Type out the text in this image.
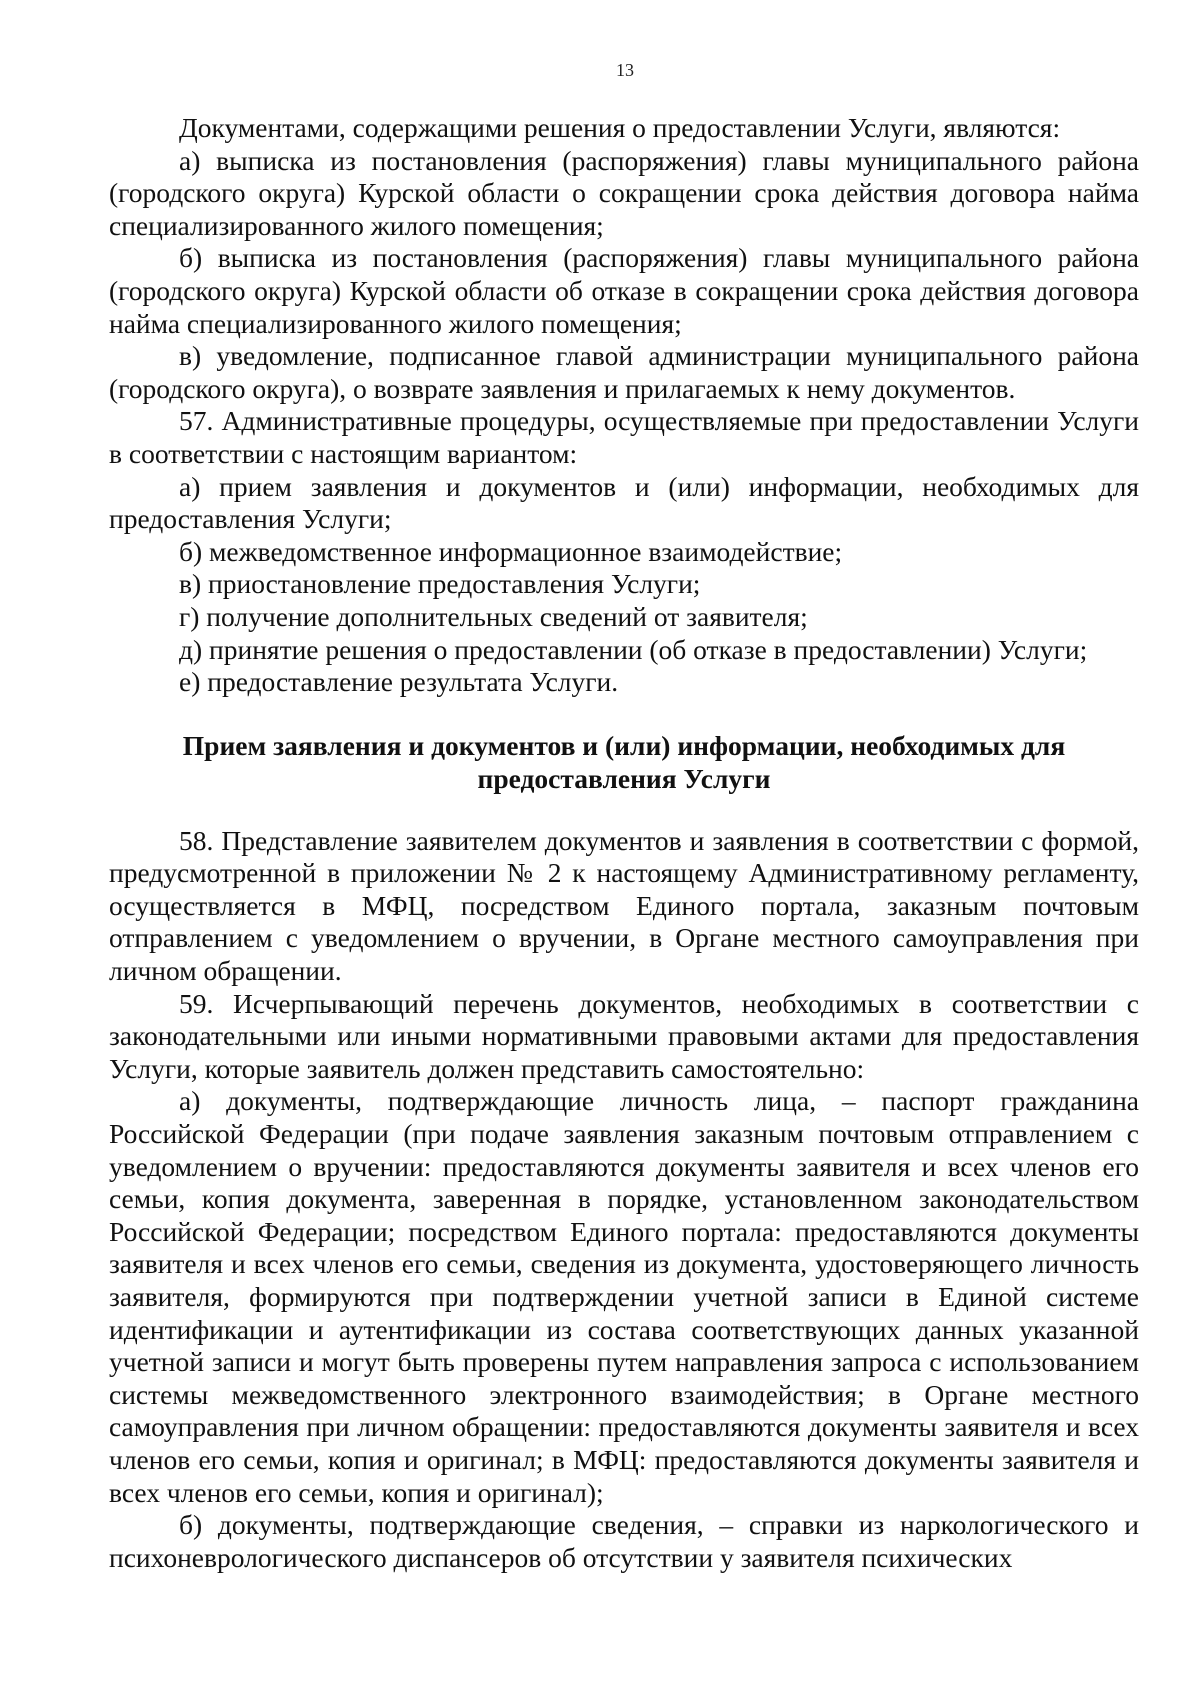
13

Документами, содержащими решения о предоставлении Услуги, являются:

а) выписка из постановления (распоряжения) главы муниципального района (городского округа) Курской области о сокращении срока действия договора найма специализированного жилого помещения;

б) выписка из постановления (распоряжения) главы муниципального района (городского округа) Курской области об отказе в сокращении срока действия договора найма специализированного жилого помещения;

в) уведомление, подписанное главой администрации муниципального района (городского округа), о возврате заявления и прилагаемых к нему документов.

57. Административные процедуры, осуществляемые при предоставлении Услуги в соответствии с настоящим вариантом:

а) прием заявления и документов и (или) информации, необходимых для предоставления Услуги;

б) межведомственное информационное взаимодействие;

в) приостановление предоставления Услуги;

г) получение дополнительных сведений от заявителя;

д) принятие решения о предоставлении (об отказе в предоставлении) Услуги;

е) предоставление результата Услуги.

Прием заявления и документов и (или) информации, необходимых для предоставления Услуги

58. Представление заявителем документов и заявления в соответствии с формой, предусмотренной в приложении № 2 к настоящему Административному регламенту, осуществляется в МФЦ, посредством Единого портала, заказным почтовым отправлением с уведомлением о вручении, в Органе местного самоуправления при личном обращении.

59. Исчерпывающий перечень документов, необходимых в соответствии с законодательными или иными нормативными правовыми актами для предоставления Услуги, которые заявитель должен представить самостоятельно:

а) документы, подтверждающие личность лица, – паспорт гражданина Российской Федерации (при подаче заявления заказным почтовым отправлением с уведомлением о вручении: предоставляются документы заявителя и всех членов его семьи, копия документа, заверенная в порядке, установленном законодательством Российской Федерации; посредством Единого портала: предоставляются документы заявителя и всех членов его семьи, сведения из документа, удостоверяющего личность заявителя, формируются при подтверждении учетной записи в Единой системе идентификации и аутентификации из состава соответствующих данных указанной учетной записи и могут быть проверены путем направления запроса с использованием системы межведомственного электронного взаимодействия; в Органе местного самоуправления при личном обращении: предоставляются документы заявителя и всех членов его семьи, копия и оригинал; в МФЦ: предоставляются документы заявителя и всех членов его семьи, копия и оригинал);

б) документы, подтверждающие сведения, – справки из наркологического и психоневрологического диспансеров об отсутствии у заявителя психических
